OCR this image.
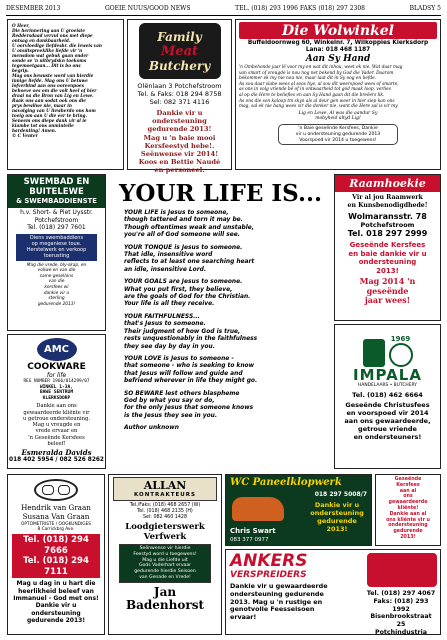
DESEMBER 2013	GOEIE NUUS/GOOD NEWS	TEL. (018) 293 1996 FAKS (018) 297 2308	BLADSY 5
O Heer,
Die herinnering aan U groeiste
Reddersdaad vervul ons met diepe
ontsag en dankbaarheid.
U oorvloedige liefdesbr. die leweis van
U onuitspreeklike liefde vir 'n
mensdom wat gebuk gaan onder
sonde se 'n uitbrydskn toekoms
tegemoetgaan... Dit is bo ons
begrip.
Mag ons bewuste word van hierdie
innige liefde. Mag ons U betuwe
lofverbind aan ons ooreenpoes
behoeve oes om die volt heel of hier
draai na die Bron van Lig en Lewe.
Raak ons aan sodat ook ons die
prys bewilwe nie, maar in
navolging van U liewherdo ons hom
toeig om aan U die eer te bring.
Seneem ons diepe dank vir al ie
kiambe tot ons onmintelle
hardenting! Amen.
© C Venter
Family
Meat
Butchery
Olënlaan 3 Potchefstroom
Tel. & Faks: 018 294 8758
Sel: 082 371 4116
Dankie vir u
ondersteuning
gedurende 2013!
Mag u 'n baie mooi
Kersfeestyd hebe!.
Seënwense vir 2014!
Koos en Bettie Naudé
en personeel.
Die Wolwinkel
Buffeldoornweg 60, Winkelnr. 7, Wilkoppies Klerksdorp
Lana: 018 468 1187
Aan Sy Hand
'n Ombehonde jaar lê voor my en wat dit inhou, weet ek nie. Wat daar mag
van smart of vreugde is nou nog net bekend by God die Vader. Daarom
bekommer ek my nie nou nie, maar laat dit in Sy oog en liefde.
As sou daar slabe wees al soos hye, al sou dit weerspoed wees of smarte,
as ons in volg vriende bê of in ontwaarheid tot god maak loop, verlies
al op die Here te beliefies en aan Sy Hand gaan dit die breëers lik.
As ons die son kaloop tm skyn als al deur gen weer in hier siep kan ons
mag, sal ek nie bang wees vir die donker nie, want die Here sal is vir my
Lig en Lewe, Al was die aandur Sy
mobyheid altyd Lig!
'n Baie geseënde Kersfees, Dankie
vir u ondersteuning gedurende 2013
Voorspoed vir 2014 u toegewens!
SWEMBAD EN
BUITELEWE
& SWEMBADDIENSTE
h.v. Short- & Piet Uysstr.
Potchefstroom
Tel. (018) 297 7601
Diens swembaddiens
op meganiese toue.
Herstelwerk en verkoop
toerusting
Mag die vrede, bly-skap, en
voliwe en van die
same gesel/ons
van die
kersfees wi
dankie vir u
sterling
gedurende 2013!
AMC
COOKWARE
for life
REG NUMBER 1966/014299/07
WINKEL 1-3A,
BAWE SENTRUM
KLERKSDORP
Dankie aan ons
gewaardeerde kliënte vir
u getroue ondersteuning.
Mag u vreugde en
vrede ervaar en
'n Geseënde Kersfees
beleef!
Esmeralda Davids
018 402 5954 / 082 526 8262
YOUR LIFE IS...
YOUR LIFE is Jesus to someone,
though tattered and torn it may be.
Though oftentimes weak and unstable,
you're all of God someone will see.
YOUR TONQUE is Jesus to someone.
That idle, insensitive word
reflects to at least one searching heart
an idle, insensitive Lord.
YOUR GOALS are Jesus to someone.
What you put first, they believe,
are the goals of God for the Christian.
Your life is all they receive.
YOUR FAITHFULNESS...
that's Jesus to someone.
Their judgment of how God is true,
rests unquestionably in the faithfulness
they see day by day in you.
YOUR LOVE is Jesus to someone -
that someone - who is seeking to know
that Jesus will follow and guide and
befriend wherever in life they might go.
SO BEWARE lest others blaspheme
God by what you say or do,
for the only Jesus that someone knows
is the Jesus they see in you.
Author unknown
Raamhoekie
Vir al jou Raamwerk
en Kunsbenodigdhede!
Wolmaransstr. 78
Potchefstroom
Tel. 018 297 2999
Geseënde Kersfees
en baie dankie vir u
ondersteuning
2013!
Mag 2014 'n
geseënde
jaar wees!
1969
IMPALA
HANDELAARS • BUTCHERY
Tel. (018) 462 6664
Geseënde Christusfees
en voorspoed vir 2014
aan ons gewaardeerde,
getroue vriende
en ondersteuners!
Hendrik van Graan
Susana Van Graan
OPTOMETRISTE / OOGKUNDIGES
8 Carrickbrg Ave.
Tel. (018) 294 7666
Tel. (018) 294 7111
Mag u dag in u hart die
heerlikheid beleef van
Immanuel - God met ons!
Dankie vir u
ondersteuning
gedurende 2013!
ALLAN
KONTRAKTEURS
Tel./Faks: (018) 468 2657 (W)
Tel. (018) 468 2135 (H)
Sel: 082 460 1428
Loodgieterswerk
Verfwerk
Seënwense vir hierdie
Feestyd word u toegewens!
Mag u die Liefde uit
Gods Vaderhart ervaar
gedurende hierdie Seisoen
van Genade en Vrede!
Jan
Badenhorst
WC Paneelklopwerk
018 297 5008/7
Chris Swart
083 377 0977
Dankie vir u
ondersteuning
gedurende
2013!
Geseënde
Kersfees
aan al
ons
gewaardeerde
kliënte!
Dankie aan al
ons kliënte vir u
ondersteuning
gedurende
2013!
ANKERS
VERSPREIDERS
Dankie vir u gewaardeerde
ondersteuning gedurende
2013. Mag u 'n rustige en
genotvolle Feesseisoen
ervaar!
Tel. (018) 297 4067
Faks: (018) 293 1992
Bisenbrookstraat 25
Potchindustria
